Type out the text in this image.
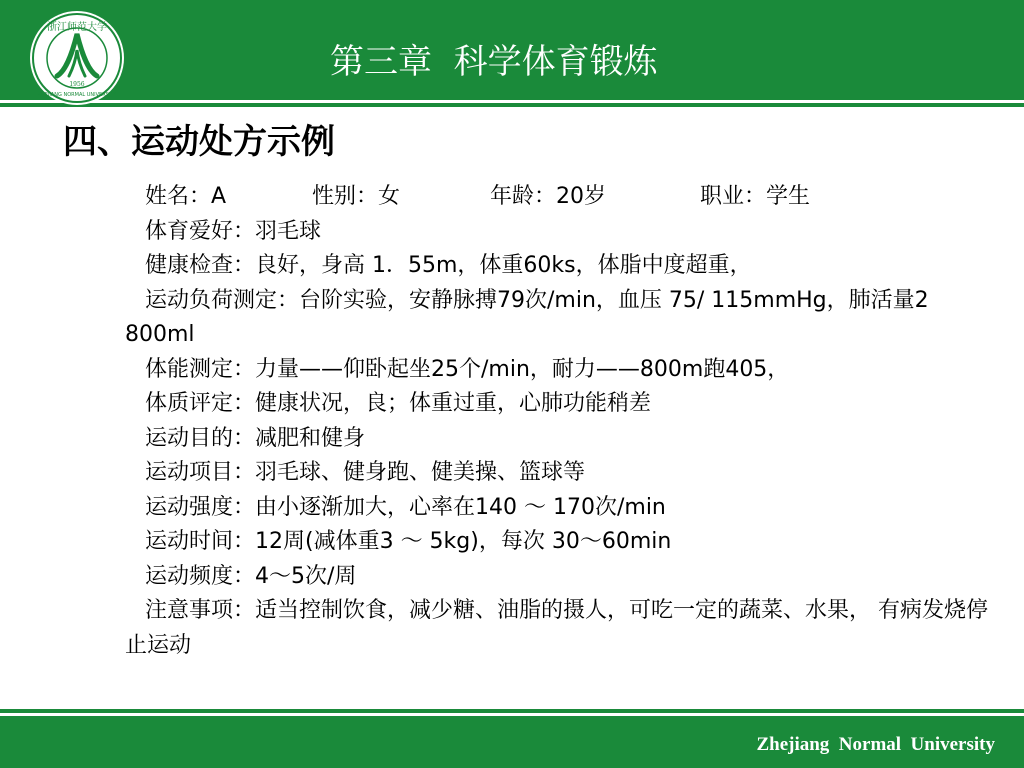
浙江师范大学
1956
ZHEJIANG NORMAL UNIVERSITY
第三章  科学体育锻炼
四、运动处方示例
姓名：A	性别：女	年龄：20岁	职业：学生

体育爱好：羽毛球

健康检查：良好，身高 1．55m，体重60ks，体脂中度超重，

运动负荷测定：台阶实验，安静脉搏79次/min，血压 75/ 115mmHg，肺活量2 800ml

体能测定：力量——仰卧起坐25个/min，耐力——800m跑405，

体质评定：健康状况，良；体重过重，心肺功能稍差

运动目的：减肥和健身

运动项目：羽毛球、健身跑、健美操、篮球等

运动强度：由小逐渐加大，心率在140 ～ 170次/min

运动时间：12周(减体重3 ～ 5kg)，每次 30～60min

运动频度：4～5次/周

注意事项：适当控制饮食，减少糖、油脂的摄人，可吃一定的蔬菜、水果， 有病发烧停止运动

Zhejiang  Normal  University
